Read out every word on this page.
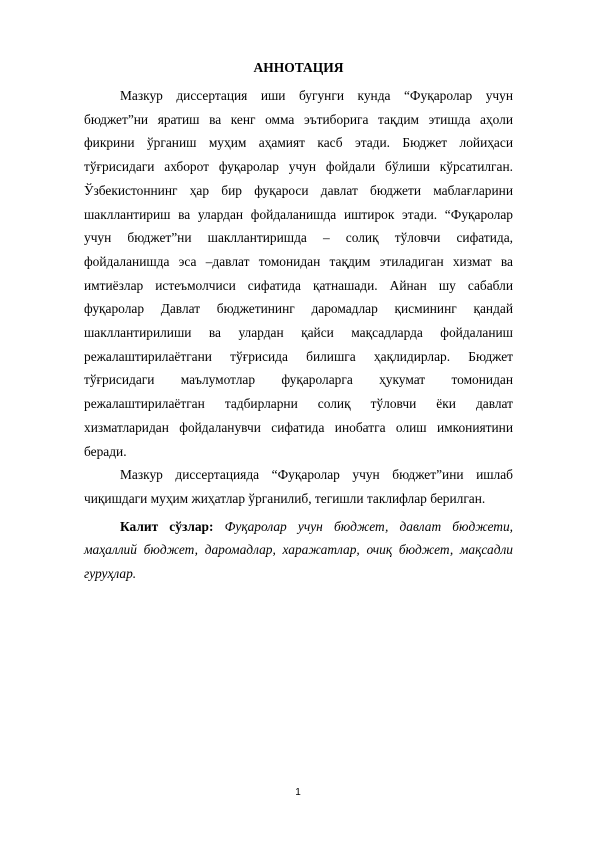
АННОТАЦИЯ

Мазкур диссертация иши бугунги кунда “Фуқаролар учун бюджет”ни яратиш ва кенг омма эътиборига тақдим этишда аҳоли фикрини ўрганиш муҳим аҳамият касб этади. Бюджет лойиҳаси тўғрисидаги ахборот фуқаролар учун фойдали бўлиши кўрсатилган. Ўзбекистоннинг ҳар бир фуқароси давлат бюджети маблағларини шакллантириш ва улардан фойдаланишда иштирок этади. “Фуқаролар учун бюджет”ни шакллантиришда – солиқ тўловчи сифатида, фойдаланишда эса –давлат томонидан тақдим этиладиган хизмат ва имтиёзлар истеъмолчиси сифатида қатнашади. Айнан шу сабабли фуқаролар Давлат бюджетининг даромадлар қисмининг қандай шакллантирилиши ва улардан қайси мақсадларда фойдаланиш режалаштирилаётгани тўғрисида билишга ҳақлидирлар. Бюджет тўғрисидаги маълумотлар фуқароларга ҳукумат томонидан режалаштирилаётган тадбирларни солиқ тўловчи ёки давлат хизматларидан фойдаланувчи сифатида инобатга олиш имкониятини беради.

Мазкур диссертацияда “Фуқаролар учун бюджет”ини ишлаб чиқишдаги муҳим жиҳатлар ўрганилиб, тегишли таклифлар берилган.

Калит сўзлар: Фуқаролар учун бюджет, давлат бюджети, маҳаллий бюджет, даромадлар, харажатлар, очиқ бюджет, мақсадли гуруҳлар.

1
